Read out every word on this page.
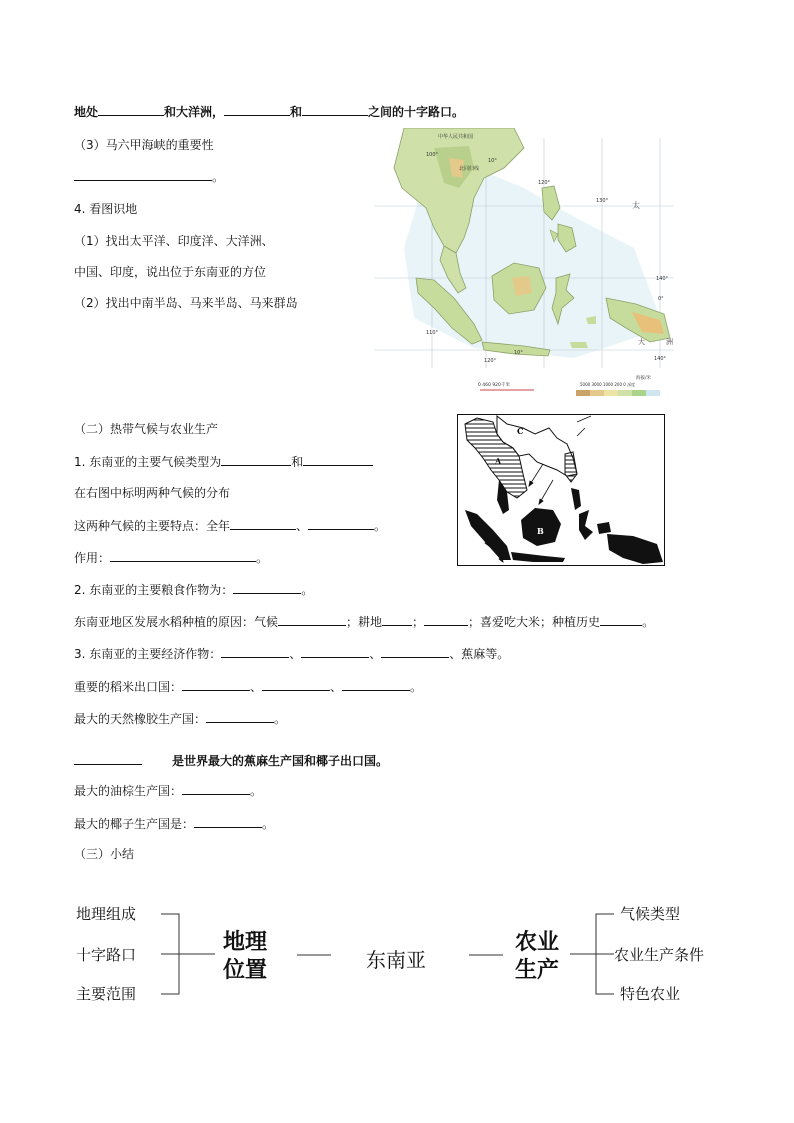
地处	和大洋洲，	和	之间的十字路口。
（3）马六甲海峡的重要性
。
4. 看图识地
（1）找出太平洋、印度洋、大洋洲、
中国、印度，说出位于东南亚的方位
（2）找出中南半岛、马来半岛、马来群岛
中华人民共和国
北回归线
太
大	洲
100°
110°
120°
120°
130°
140°
140°
10°
0°
10°
0 460 920千米
海拔/米
5000 3000 1000 200 0 深度
（二）热带气候与农业生产
1. 东南亚的主要气候类型为	和
在右图中标明两种气候的分布
这两种气候的主要特点：全年	、	。
作用：	。
2. 东南亚的主要粮食作物为：	。
东南亚地区发展水稻种植的原因：气候	；耕地	；	；喜爱吃大米；种植历史	。
3. 东南亚的主要经济作物：	、	、	、蕉麻等。
重要的稻米出口国：	、	、	。
最大的天然橡胶生产国：	。
是世界最大的蕉麻生产国和椰子出口国。
最大的油棕生产国：	。
最大的椰子生产国是：	。
（三）小结
C
A
B
地理组成
十字路口
主要范围
地理
位置	东南亚
农业
生产
气候类型
农业生产条件
特色农业
